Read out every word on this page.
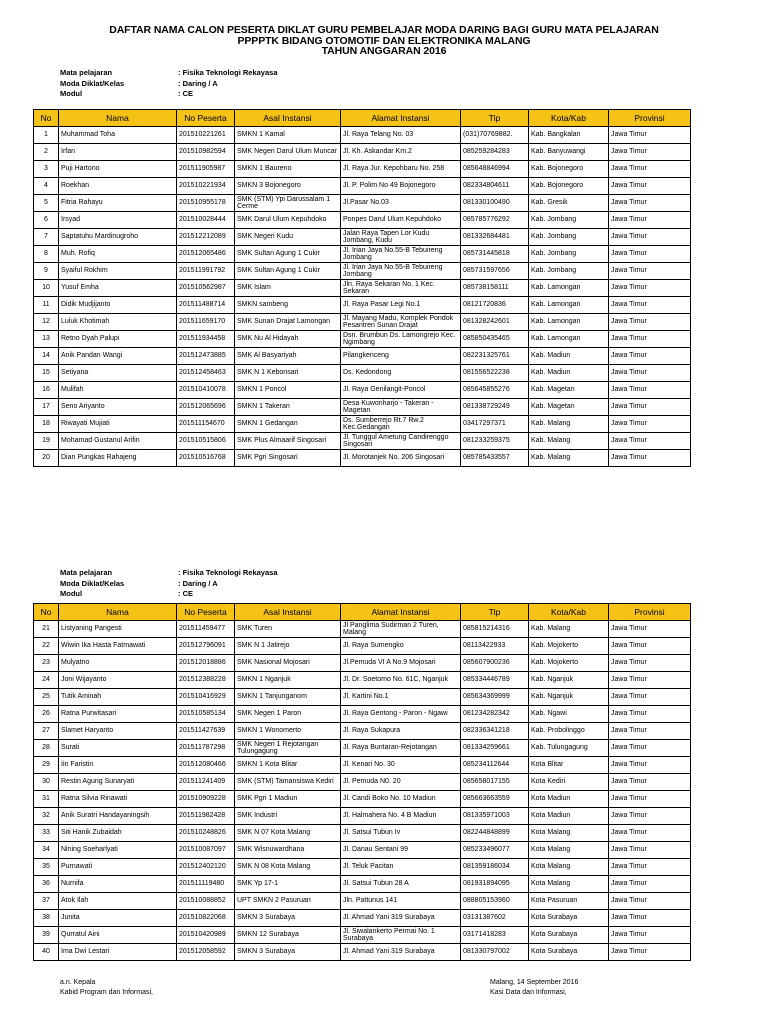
DAFTAR NAMA CALON PESERTA DIKLAT GURU PEMBELAJAR MODA DARING BAGI GURU MATA PELAJARAN
PPPPTK BIDANG OTOMOTIF DAN ELEKTRONIKA MALANG
TAHUN ANGGARAN 2016
Mata pelajaran	: Fisika Teknologi Rekayasa
Moda Diklat/Kelas	: Daring / A
Modul	: CE
No	Nama	No Peserta	Asal Instansi	Alamat Instansi	Tlp	Kota/Kab	Provinsi
1	Muhammad Toha	201510221261	SMKN 1 Kamal	Jl. Raya Telang No. 03	(031)70769882.	Kab. Bangkalan	Jawa Timur
2	Irfan	201510982594	SMK Negeri Darul Ulum Muncar	Jl. Kh. Askandar Km.2	085259284283	Kab. Banyuwangi	Jawa Timur
3	Puji Hartono	201511905987	SMKN 1 Baureno	Jl. Raya Jur. Kepohbaru No. 258	085648846994	Kab. Bojonegoro	Jawa Timur
4	Roekhan	201510221934	SMKN 3 Bojonegoro	Jl. P. Polim No 49 Bojonegoro	082334804611	Kab. Bojonegoro	Jawa Timur
5	Fitria Rahayu	201510955178	SMK (STM) Ypi Darussalam 1 Cerme	Jl.Pasar No.03	081330100490	Kab. Gresik	Jawa Timur
6	Irsyad	201510028444	SMK Darul Ulum Kepuhdoko	Ponpes Darul Ulum Kepuhdoko	085785776292	Kab. Jombang	Jawa Timur
7	Saptatuhu Mardinugroho	201512212089	SMK Negeri Kudu	Jalan Raya Tapen Lor Kudu Jombang, Kudu	081332684481	Kab. Jombang	Jawa Timur
8	Muh. Rofiq	201512065486	SMK Sultan Agung 1 Cukir	Jl. Irian Jaya No.55-B Tebuireng Jombang	085731445818	Kab. Jombang	Jawa Timur
9	Syaiful Rokhim	201511991792	SMK Sultan Agung 1 Cukir	Jl. Irian Jaya No.55-B Tebuireng Jombang	085731597656	Kab. Jombang	Jawa Timur
10	Yusuf Emha	201510562987	SMK Islam	Jln. Raya Sekaran No. 1 Kec. Sekaran	085738158111	Kab. Lamongan	Jawa Timur
11	Didik Mudjijanto	201511488714	SMKN sambeng	Jl. Raya Pasar Legi No.1	08121720836	Kab. Lamongan	Jawa Timur
12	Luluk Khotimah	201511659170	SMK Sunan Drajat Lamongan	Jl. Mayang Madu, Komplek Pondok Pesantren Sunan Drajat	081328242601	Kab. Lamongan	Jawa Timur
13	Retno Dyah Palupi	201511934458	SMK Nu Al Hidayah	Dsn. Brumbun Ds. Lamongrejo Kec. Ngimbang	085850435465	Kab. Lamongan	Jawa Timur
14	Anik Pandan Wangi	201512473885	SMK Al Basyariyah	Pilangkenceng	082231325761	Kab. Madiun	Jawa Timur
15	Setiyana	201512458463	SMK N 1 Kebonsari	Ds. Kedondong	081556522238	Kab. Madiun	Jawa Timur
16	Mulifah	201510410078	SMKN 1 Poncol	Jl. Raya Genilangit-Poncol	085645855276	Kab. Magetan	Jawa Timur
17	Seno Ariyanto	201512065696	SMKN 1 Takeran	Desa Kuwonharjo - Takeran - Magetan	081338729249	Kab. Magetan	Jawa Timur
18	Riwayati Mujiati	201511154670	SMKN 1 Gedangan	Ds. Sumberrejo Rt.7 Rw.2 Kec.Gedangan	03417297371	Kab. Malang	Jawa Timur
19	Mohamad Gustanul Arifin	201510515806	SMK Plus Almaarif Singosari	Jl. Tunggul Ametung Candirenggo Singosari	081233259375	Kab. Malang	Jawa Timur
20	Dian Pungkas Rahajeng	201510516768	SMK Pgri Singosari	Jl. Morotanjek No. 206 Singosari	085785433557	Kab. Malang	Jawa Timur
Mata pelajaran	: Fisika Teknologi Rekayasa
Moda Diklat/Kelas	: Daring / A
Modul	: CE
No	Nama	No Peserta	Asal Instansi	Alamat Instansi	Tlp	Kota/Kab	Provinsi
21	Listyaning Pangesti	201511459477	SMK Turen	Jl Panglima Sudirman 2 Turen, Malang	085815214316	Kab. Malang	Jawa Timur
22	Wiwin Ika Hasta Fatmawati	201512796091	SMK N 1 Jatirejo	Jl. Raya Sumengko	08113422933	Kab. Mojokerto	Jawa Timur
23	Mulyatno	201512018886	SMK Nasional Mojosari	Jl.Pemuda VI A No.9 Mojosari	085607900236	Kab. Mojokerto	Jawa Timur
24	Joni Wijayanto	201512388228	SMKN 1 Nganjuk	Jl. Dr. Soetomo No. 61C, Nganjuk	085334446789	Kab. Nganjuk	Jawa Timur
25	Tutik Aminah	201510416929	SMKN 1 Tanjunganom	Jl. Kartini No.1	085634369999	Kab. Nganjuk	Jawa Timur
26	Ratna Purwitasari	201510585134	SMK Negeri 1 Paron	Jl. Raya Gentong - Paron - Ngawi	081234282342	Kab. Ngawi	Jawa Timur
27	Slamet Haryanto	201511427639	SMKN 1 Wonomerto	Jl. Raya Sukapura	082336341218	Kab. Probolinggo	Jawa Timur
28	Surati	201511787298	SMK Negeri 1 Rejotangan Tulungagung	Jl. Raya Buntaran-Rejotangan	081334259661	Kab. Tulungagung	Jawa Timur
29	Iin Faristin	201512080466	SMKN 1 Kota Blitar	Jl. Kenari No. 30	085234112644	Kota Blitar	Jawa Timur
30	Restin Agung Sunaryati	201511241409	SMK (STM) Tamansiswa Kediri	Jl. Pemuda N0. 20	085658017155	Kota Kediri	Jawa Timur
31	Ratna Silvia Rinawati	201510909228	SMK Pgri 1 Madiun	Jl. Candi Boko No. 10 Madiun	085663663559	Kota Madiun	Jawa Timur
32	Anik Suratri Handayaningsih	201511982428	SMK Industri	Jl. Halmahera No. 4 B Madiun	081335971003	Kota Madiun	Jawa Timur
33	Siti Hanik Zubaidah	201510248826	SMK N 07 Kota Malang	Jl. Satsui Tubun Iv	082244848899	Kota Malang	Jawa Timur
34	Nining Soeharlyati	201510087097	SMK Wisnuwardhana	Jl. Danau Sentani 99	085233496077	Kota Malang	Jawa Timur
35	Purnawati	201512402120	SMK N 08 Kota Malang	Jl. Teluk Pacitan	081359186034	Kota Malang	Jawa Timur
36	Nurnifa	201511119480	SMK Yp 17-1	Jl. Satsui Tubun 28 A	081931894095	Kota Malang	Jawa Timur
37	Atok Ilah	201510088852	UPT SMKN 2 Pasuruan	Jln. Pattunus 141	088805153960	Kota Pasuruan	Jawa Timur
38	Junita	201510822068	SMKN 3 Surabaya	Jl. Ahmad Yani 319 Surabaya	03131387602	Kota Surabaya	Jawa Timur
39	Qurratul Aini	201510420989	SMKN 12 Surabaya	Jl. Siwalankerto Permai No. 1 Surabaya	03171418283	Kota Surabaya	Jawa Timur
40	Ima Dwi Lestari	201512058592	SMKN 3 Surabaya	Jl. Ahmad Yani 319 Surabaya	081330797002	Kota Surabaya	Jawa Timur
a.n. Kepala
Kabid Program dan Informasi,
Malang, 14 September 2016
Kasi Data dan Informasi,
